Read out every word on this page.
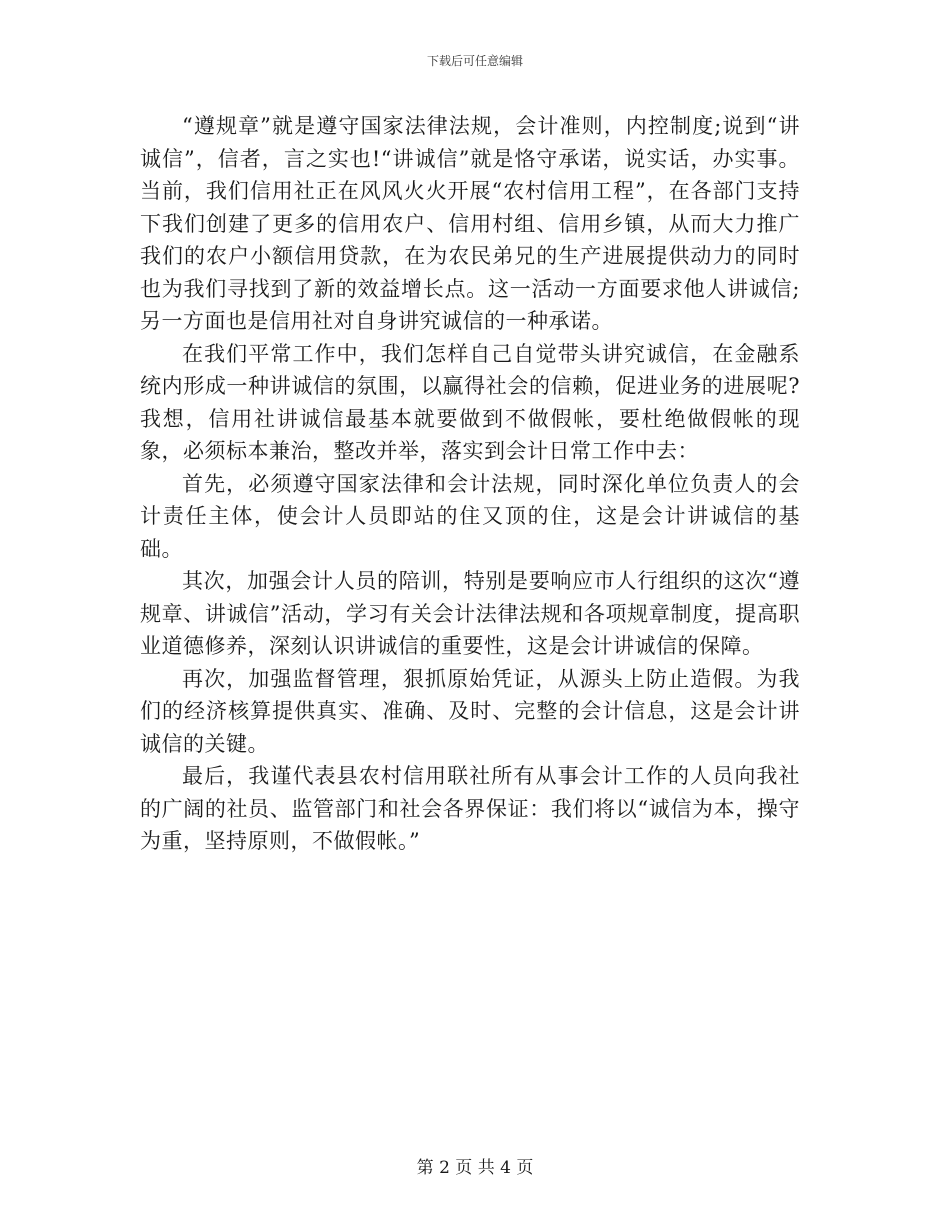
下载后可任意编辑

“遵规章”就是遵守国家法律法规，会计准则，内控制度;说到“讲诚信”，信者，言之实也!“讲诚信”就是恪守承诺，说实话，办实事。当前，我们信用社正在风风火火开展“农村信用工程”，在各部门支持下我们创建了更多的信用农户、信用村组、信用乡镇，从而大力推广我们的农户小额信用贷款，在为农民弟兄的生产进展提供动力的同时也为我们寻找到了新的效益增长点。这一活动一方面要求他人讲诚信;另一方面也是信用社对自身讲究诚信的一种承诺。

在我们平常工作中，我们怎样自己自觉带头讲究诚信，在金融系统内形成一种讲诚信的氛围，以赢得社会的信赖，促进业务的进展呢?我想，信用社讲诚信最基本就要做到不做假帐，要杜绝做假帐的现象，必须标本兼治，整改并举，落实到会计日常工作中去：

首先，必须遵守国家法律和会计法规，同时深化单位负责人的会计责任主体，使会计人员即站的住又顶的住，这是会计讲诚信的基础。

其次，加强会计人员的陪训，特别是要响应市人行组织的这次“遵规章、讲诚信”活动，学习有关会计法律法规和各项规章制度，提高职业道德修养，深刻认识讲诚信的重要性，这是会计讲诚信的保障。

再次，加强监督管理，狠抓原始凭证，从源头上防止造假。为我们的经济核算提供真实、准确、及时、完整的会计信息，这是会计讲诚信的关键。

最后，我谨代表县农村信用联社所有从事会计工作的人员向我社的广阔的社员、监管部门和社会各界保证：我们将以“诚信为本，操守为重，坚持原则，不做假帐。”

第 2 页 共 4 页
